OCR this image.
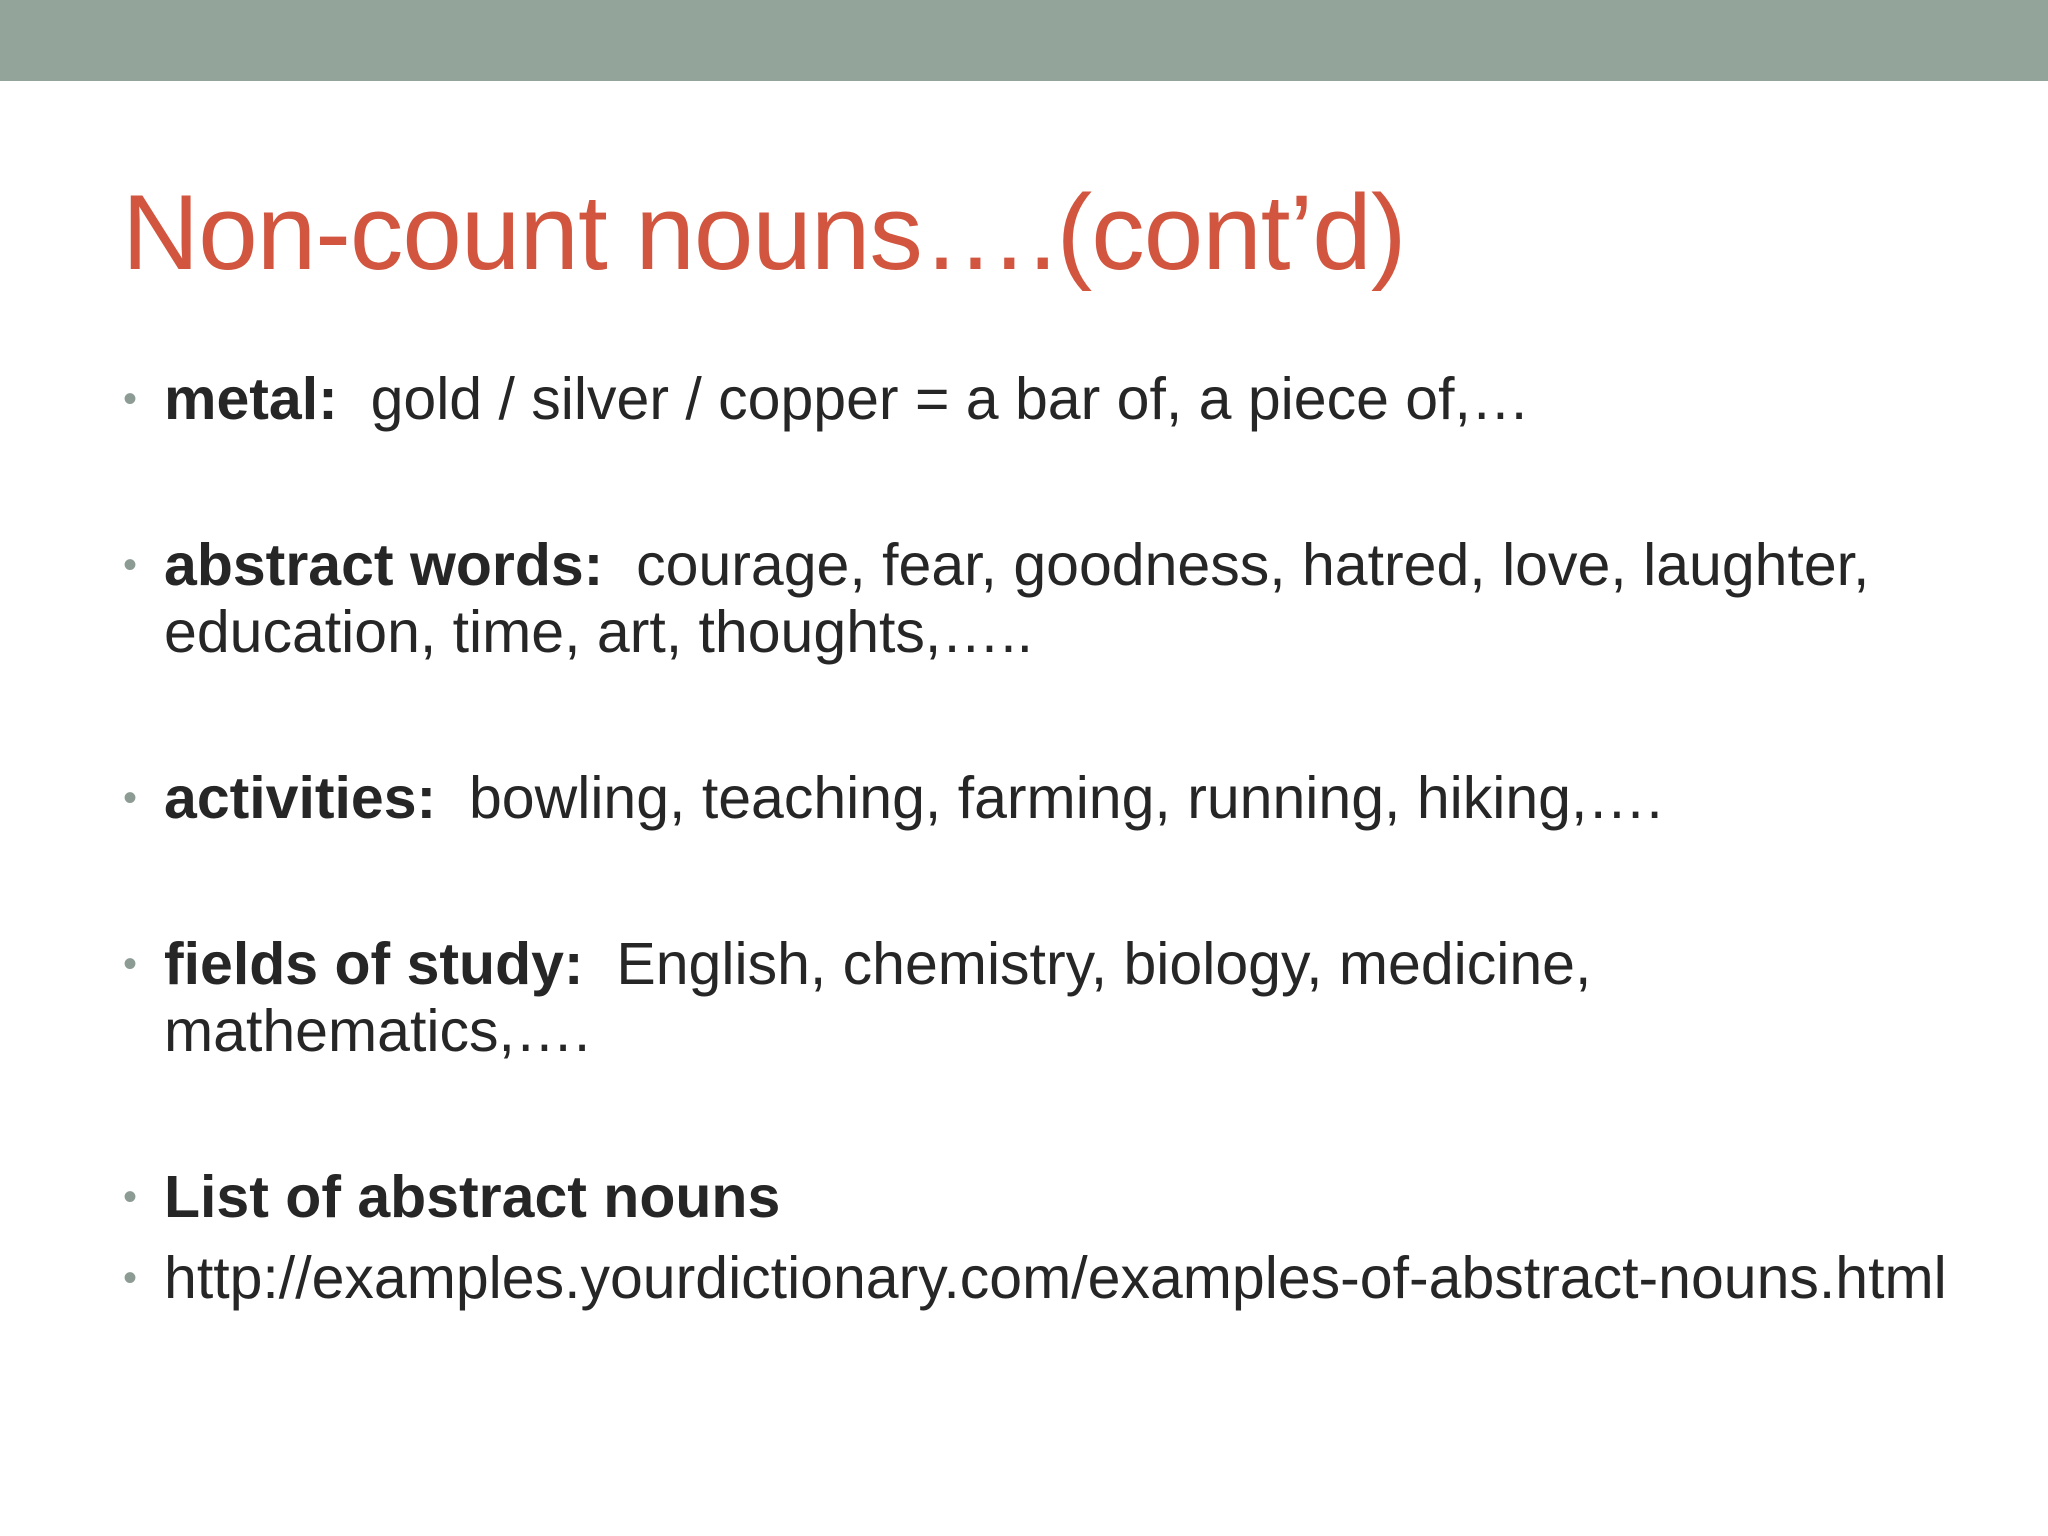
Non-count nouns….(cont’d)
• metal: gold / silver / copper = a bar of, a piece of,…
• abstract words: courage, fear, goodness, hatred, love, laughter, education, time, art, thoughts,…..
• activities: bowling, teaching, farming, running, hiking,….
• fields of study: English, chemistry, biology, medicine, mathematics,….
• List of abstract nouns
• http://examples.yourdictionary.com/examples-of-abstract-nouns.html
